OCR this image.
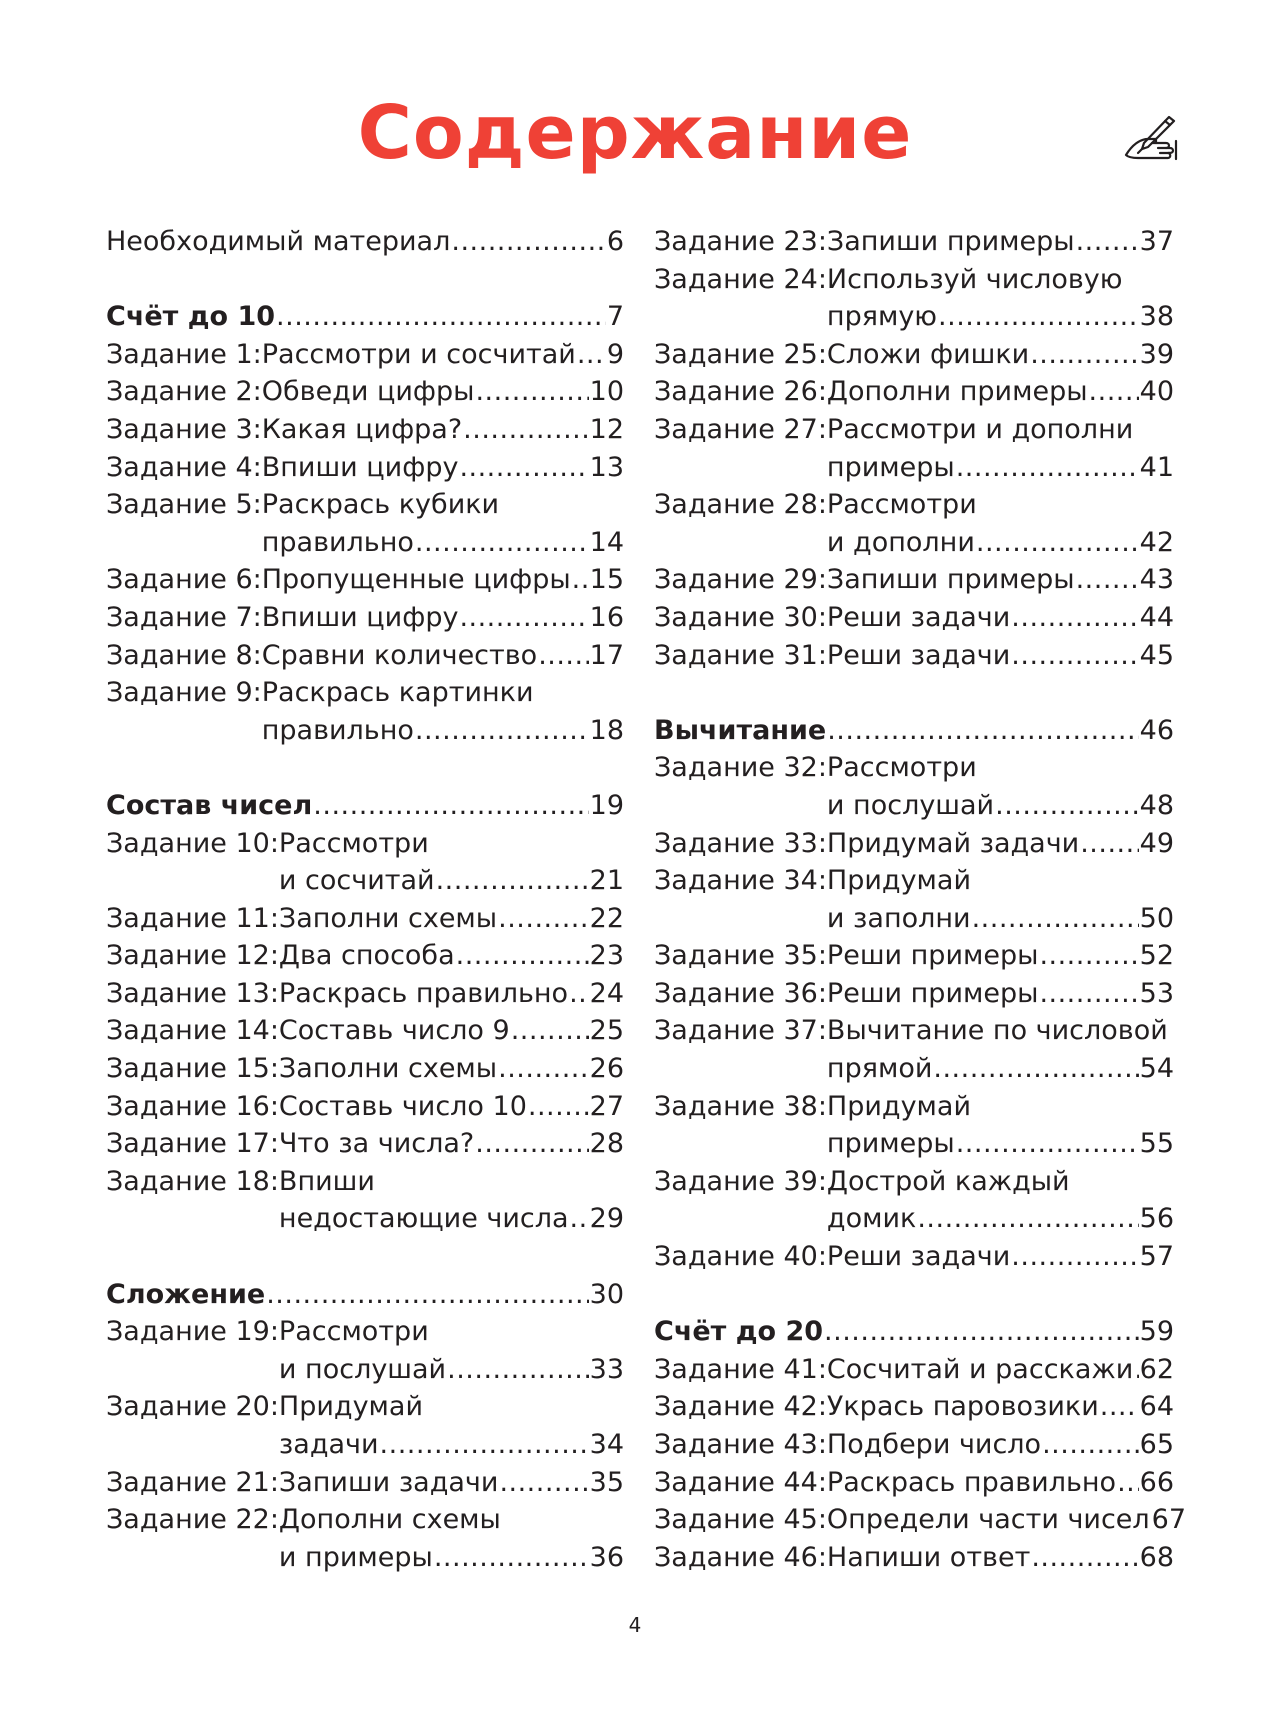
Содержание
Необходимый материал .....	6
Счёт до 10 .....	7
Задание 1: Рассмотри и сосчитай ..... 9
Задание 2: Обведи цифры .....	10
Задание 3: Какая цифра? .....	12
Задание 4: Впиши цифру .....	13
Задание 5: Раскрась кубики
правильно .....	14
Задание 6: Пропущенные цифры ..... 15
Задание 7: Впиши цифру .....	16
Задание 8: Сравни количество ..... 17
Задание 9: Раскрась картинки
правильно .....	18
Состав чисел .....	19
Задание 10: Рассмотри
и сосчитай .....	21
Задание 11: Заполни схемы .....	22
Задание 12: Два способа .....	23
Задание 13: Раскрась правильно ..... 24
Задание 14: Составь число 9 .....	25
Задание 15: Заполни схемы .....	26
Задание 16: Составь число 10 ..... 27
Задание 17: Что за числа? .....	28
Задание 18: Впиши
недостающие числа ..... 29
Сложение .....	30
Задание 19: Рассмотри
и послушай .....	33
Задание 20: Придумай
задачи .....	34
Задание 21: Запиши задачи .....	35
Задание 22: Дополни схемы
и примеры .....	36
Задание 23: Запиши примеры ..... 37
Задание 24: Используй числовую
прямую .....	38
Задание 25: Сложи фишки .....	39
Задание 26: Дополни примеры ..... 40
Задание 27: Рассмотри и дополни
примеры .....	41
Задание 28: Рассмотри
и дополни .....	42
Задание 29: Запиши примеры ..... 43
Задание 30: Реши задачи .....	44
Задание 31: Реши задачи .....	45
Вычитание .....	46
Задание 32: Рассмотри
и послушай .....	48
Задание 33: Придумай задачи ..... 49
Задание 34: Придумай
и заполни .....	50
Задание 35: Реши примеры .....	52
Задание 36: Реши примеры .....	53
Задание 37: Вычитание по числовой
прямой .....	54
Задание 38: Придумай
примеры .....	55
Задание 39: Дострой каждый
домик .....	56
Задание 40: Реши задачи .....	57
Счёт до 20 .....	59
Задание 41: Сосчитай и расскажи ..... 62
Задание 42: Укрась паровозики ..... 64
Задание 43: Подбери число .....	65
Задание 44: Раскрась правильно ..... 66
Задание 45: Определи части чисел 67
Задание 46: Напиши ответ .....	68
4
